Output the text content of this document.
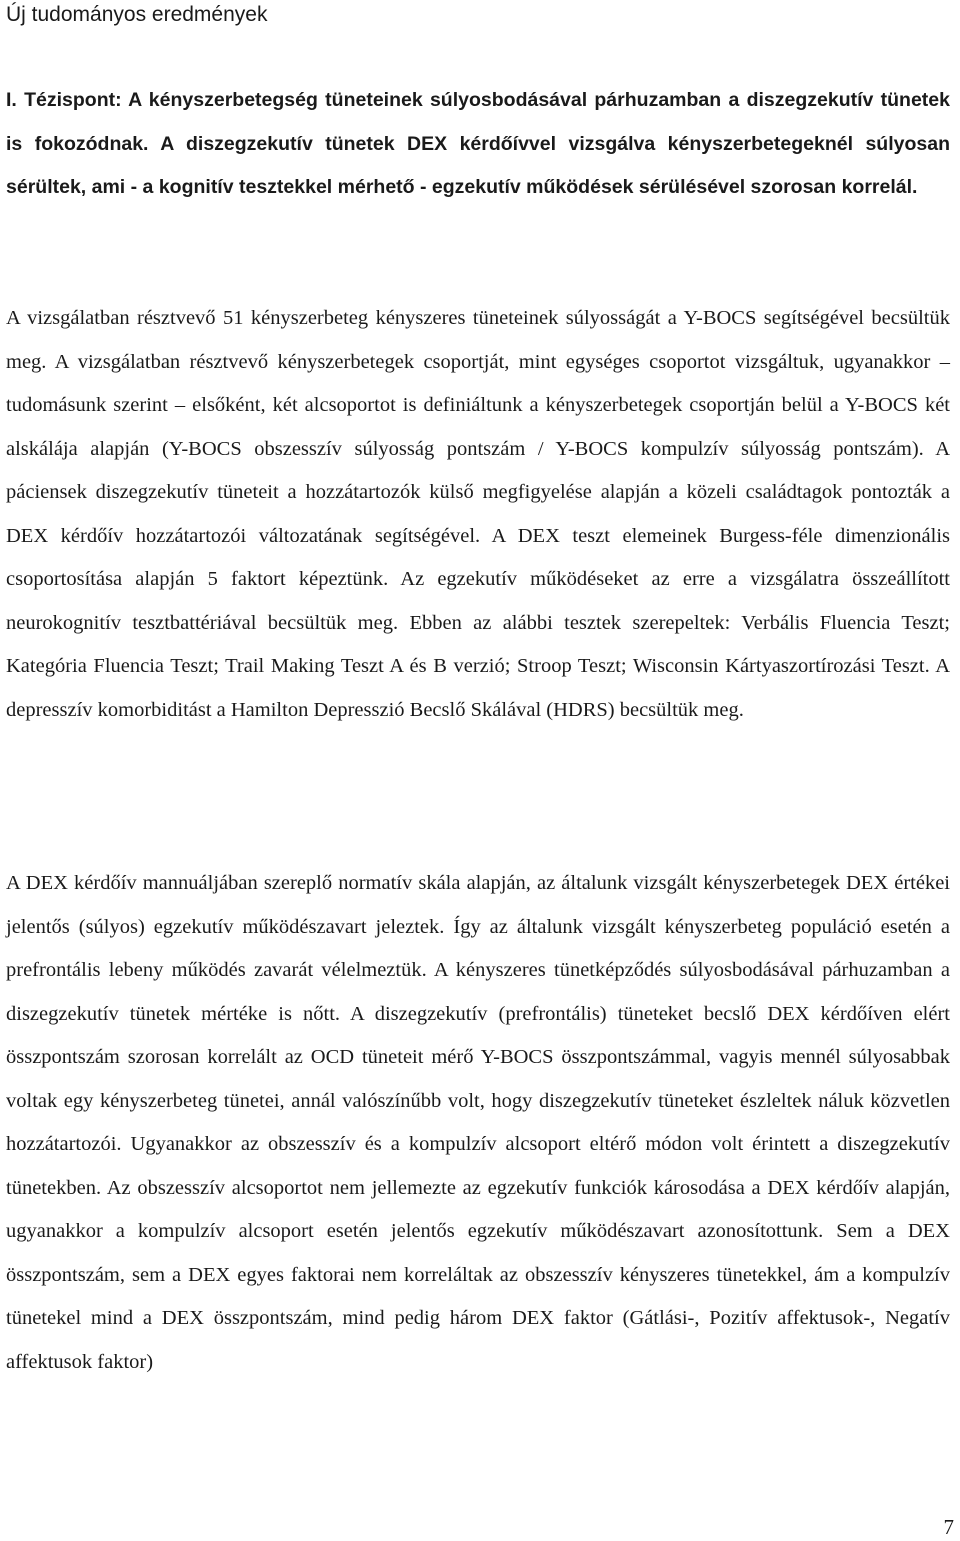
Új tudományos eredmények

I. Tézispont: A kényszerbetegség tüneteinek súlyosbodásával párhuzamban a diszegzekutív tünetek is fokozódnak. A diszegzekutív tünetek DEX kérdőívvel vizsgálva kényszerbetegeknél súlyosan sérültek, ami - a kognitív tesztekkel mérhető - egzekutív működések sérülésével szorosan korrelál.

A vizsgálatban résztvevő 51 kényszerbeteg kényszeres tüneteinek súlyosságát a Y-BOCS segítségével becsültük meg. A vizsgálatban résztvevő kényszerbetegek csoportját, mint egységes csoportot vizsgáltuk, ugyanakkor – tudomásunk szerint – elsőként, két alcsoportot is definiáltunk a kényszerbetegek csoportján belül a Y-BOCS két alskálája alapján (Y-BOCS obszesszív súlyosság pontszám / Y-BOCS kompulzív súlyosság pontszám). A páciensek diszegzekutív tüneteit a hozzátartozók külső megfigyelése alapján a közeli családtagok pontozták a DEX kérdőív hozzátartozói változatának segítségével. A DEX teszt elemeinek Burgess-féle dimenzionális csoportosítása alapján 5 faktort képeztünk. Az egzekutív működéseket az erre a vizsgálatra összeállított neurokognitív tesztbattériával becsültük meg. Ebben az alábbi tesztek szerepeltek: Verbális Fluencia Teszt; Kategória Fluencia Teszt; Trail Making Teszt A és B verzió; Stroop Teszt; Wisconsin Kártyaszortírozási Teszt. A depresszív komorbiditást a Hamilton Depresszió Becslő Skálával (HDRS) becsültük meg.

A DEX kérdőív mannuáljában szereplő normatív skála alapján, az általunk vizsgált kényszerbetegek DEX értékei jelentős (súlyos) egzekutív működészavart jeleztek. Így az általunk vizsgált kényszerbeteg populáció esetén a prefrontális lebeny működés zavarát vélelmeztük. A kényszeres tünetképződés súlyosbodásával párhuzamban a diszegzekutív tünetek mértéke is nőtt. A diszegzekutív (prefrontális) tüneteket becslő DEX kérdőíven elért összpontszám szorosan korrelált az OCD tüneteit mérő Y-BOCS összpontszámmal, vagyis mennél súlyosabbak voltak egy kényszerbeteg tünetei, annál valószínűbb volt, hogy diszegzekutív tüneteket észleltek náluk közvetlen hozzátartozói. Ugyanakkor az obszesszív és a kompulzív alcsoport eltérő módon volt érintett a diszegzekutív tünetekben. Az obszesszív alcsoportot nem jellemezte az egzekutív funkciók károsodása a DEX kérdőív alapján, ugyanakkor a kompulzív alcsoport esetén jelentős egzekutív működészavart azonosítottunk. Sem a DEX összpontszám, sem a DEX egyes faktorai nem korreláltak az obszesszív kényszeres tünetekkel, ám a kompulzív tünetekel mind a DEX összpontszám, mind pedig három DEX faktor (Gátlási-, Pozitív affektusok-, Negatív affektusok faktor)

7
